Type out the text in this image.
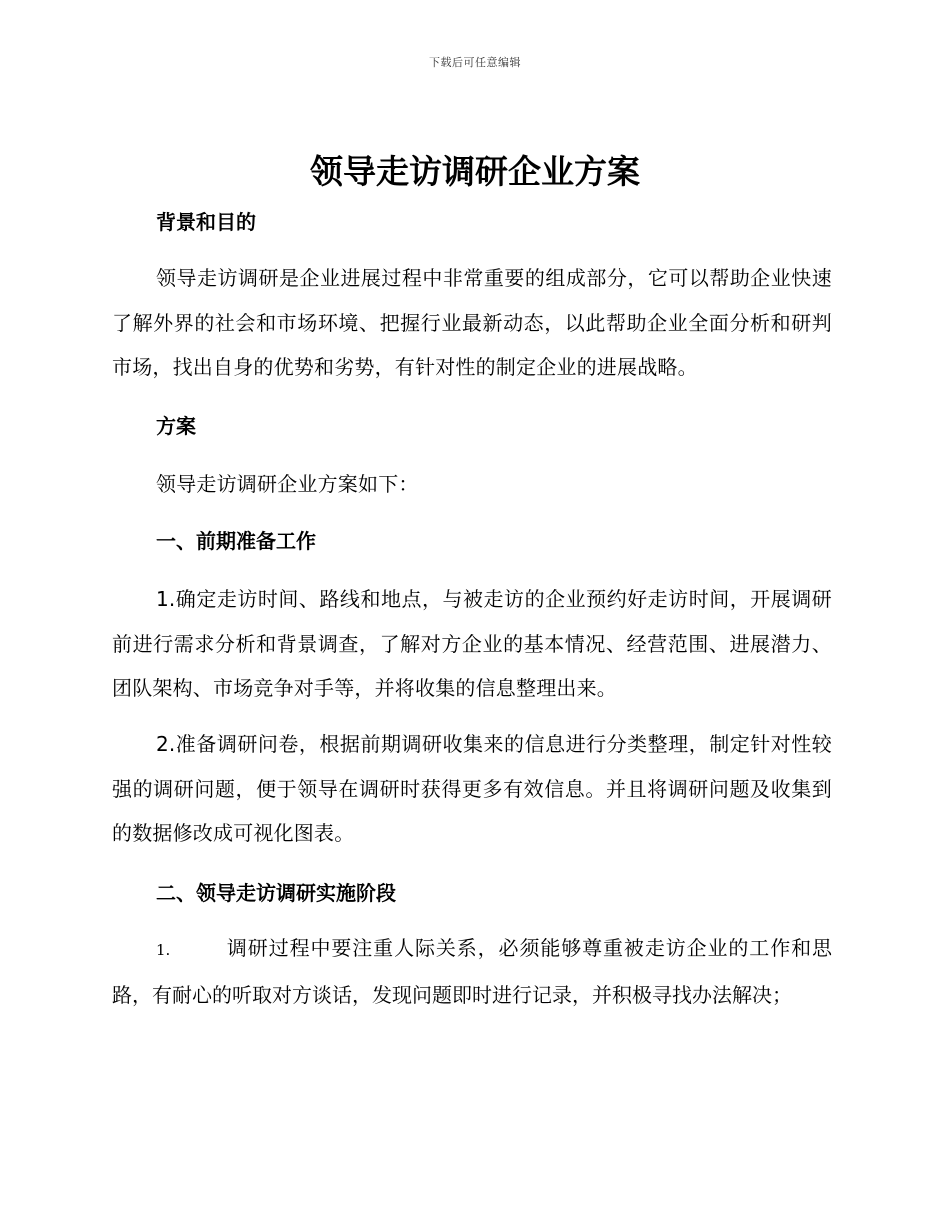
下载后可任意编辑
领导走访调研企业方案

背景和目的

领导走访调研是企业进展过程中非常重要的组成部分，它可以帮助企业快速了解外界的社会和市场环境、把握行业最新动态，以此帮助企业全面分析和研判市场，找出自身的优势和劣势，有针对性的制定企业的进展战略。

方案

领导走访调研企业方案如下：

一、前期准备工作

1.确定走访时间、路线和地点，与被走访的企业预约好走访时间，开展调研前进行需求分析和背景调查，了解对方企业的基本情况、经营范围、进展潜力、团队架构、市场竞争对手等，并将收集的信息整理出来。

2.准备调研问卷，根据前期调研收集来的信息进行分类整理，制定针对性较强的调研问题，便于领导在调研时获得更多有效信息。并且将调研问题及收集到的数据修改成可视化图表。

二、领导走访调研实施阶段

1.	调研过程中要注重人际关系，必须能够尊重被走访企业的工作和思路，有耐心的听取对方谈话，发现问题即时进行记录，并积极寻找办法解决；
